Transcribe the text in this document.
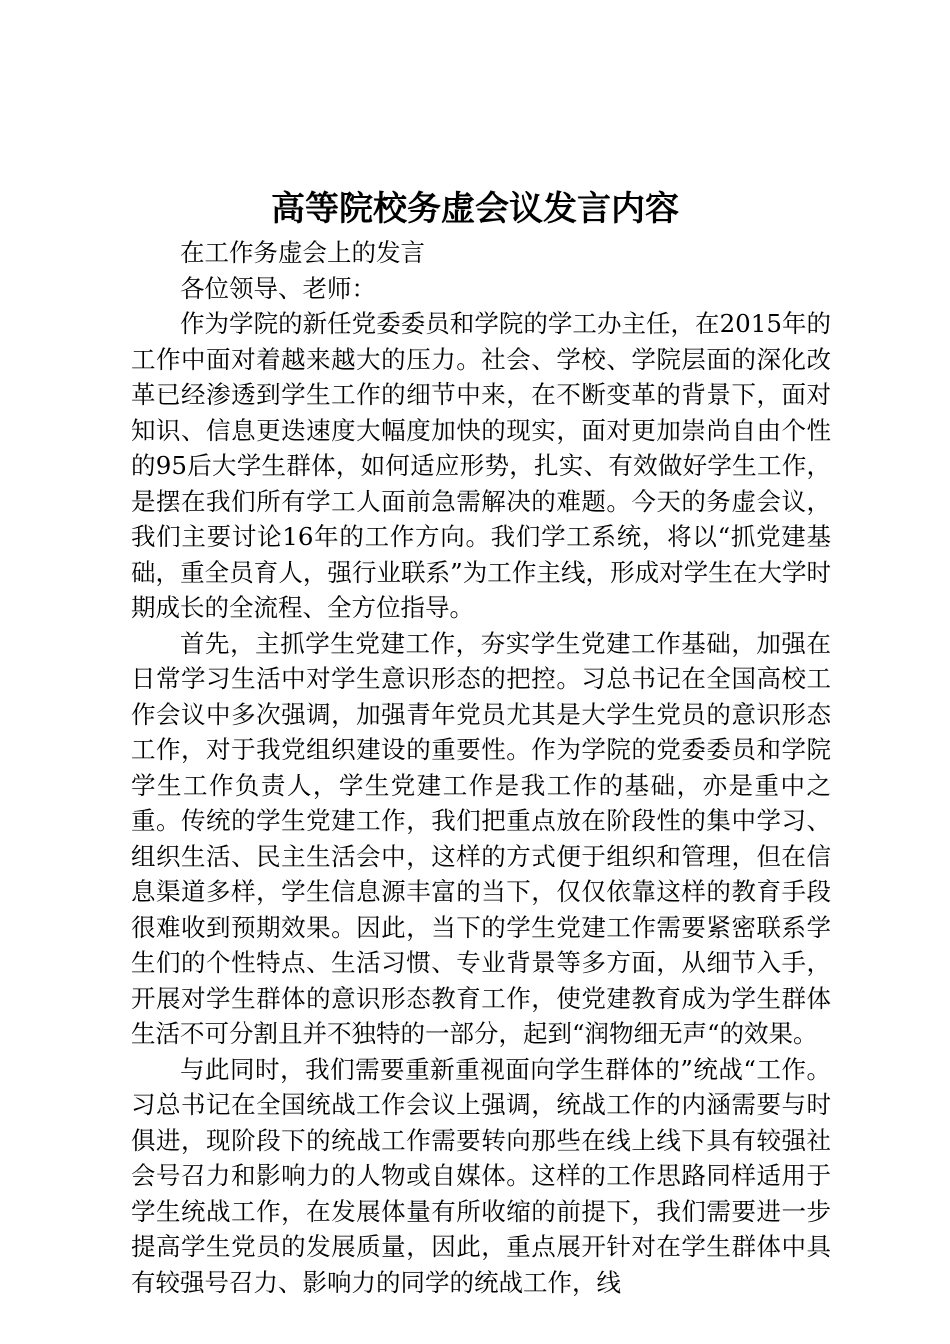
高等院校务虚会议发言内容

在工作务虚会上的发言

各位领导、老师：

作为学院的新任党委委员和学院的学工办主任，在2015年的工作中面对着越来越大的压力。社会、学校、学院层面的深化改革已经渗透到学生工作的细节中来，在不断变革的背景下，面对知识、信息更迭速度大幅度加快的现实，面对更加崇尚自由个性的95后大学生群体，如何适应形势，扎实、有效做好学生工作，是摆在我们所有学工人面前急需解决的难题。今天的务虚会议，我们主要讨论16年的工作方向。我们学工系统，将以“抓党建基础，重全员育人，强行业联系”为工作主线，形成对学生在大学时期成长的全流程、全方位指导。

首先，主抓学生党建工作，夯实学生党建工作基础，加强在日常学习生活中对学生意识形态的把控。习总书记在全国高校工作会议中多次强调，加强青年党员尤其是大学生党员的意识形态工作，对于我党组织建设的重要性。作为学院的党委委员和学院学生工作负责人，学生党建工作是我工作的基础，亦是重中之重。传统的学生党建工作，我们把重点放在阶段性的集中学习、组织生活、民主生活会中，这样的方式便于组织和管理，但在信息渠道多样，学生信息源丰富的当下，仅仅依靠这样的教育手段很难收到预期效果。因此，当下的学生党建工作需要紧密联系学生们的个性特点、生活习惯、专业背景等多方面，从细节入手，开展对学生群体的意识形态教育工作，使党建教育成为学生群体生活不可分割且并不独特的一部分，起到“润物细无声“的效果。

与此同时，我们需要重新重视面向学生群体的”统战“工作。习总书记在全国统战工作会议上强调，统战工作的内涵需要与时俱进，现阶段下的统战工作需要转向那些在线上线下具有较强社会号召力和影响力的人物或自媒体。这样的工作思路同样适用于学生统战工作，在发展体量有所收缩的前提下，我们需要进一步提高学生党员的发展质量，因此，重点展开针对在学生群体中具有较强号召力、影响力的同学的统战工作，线
